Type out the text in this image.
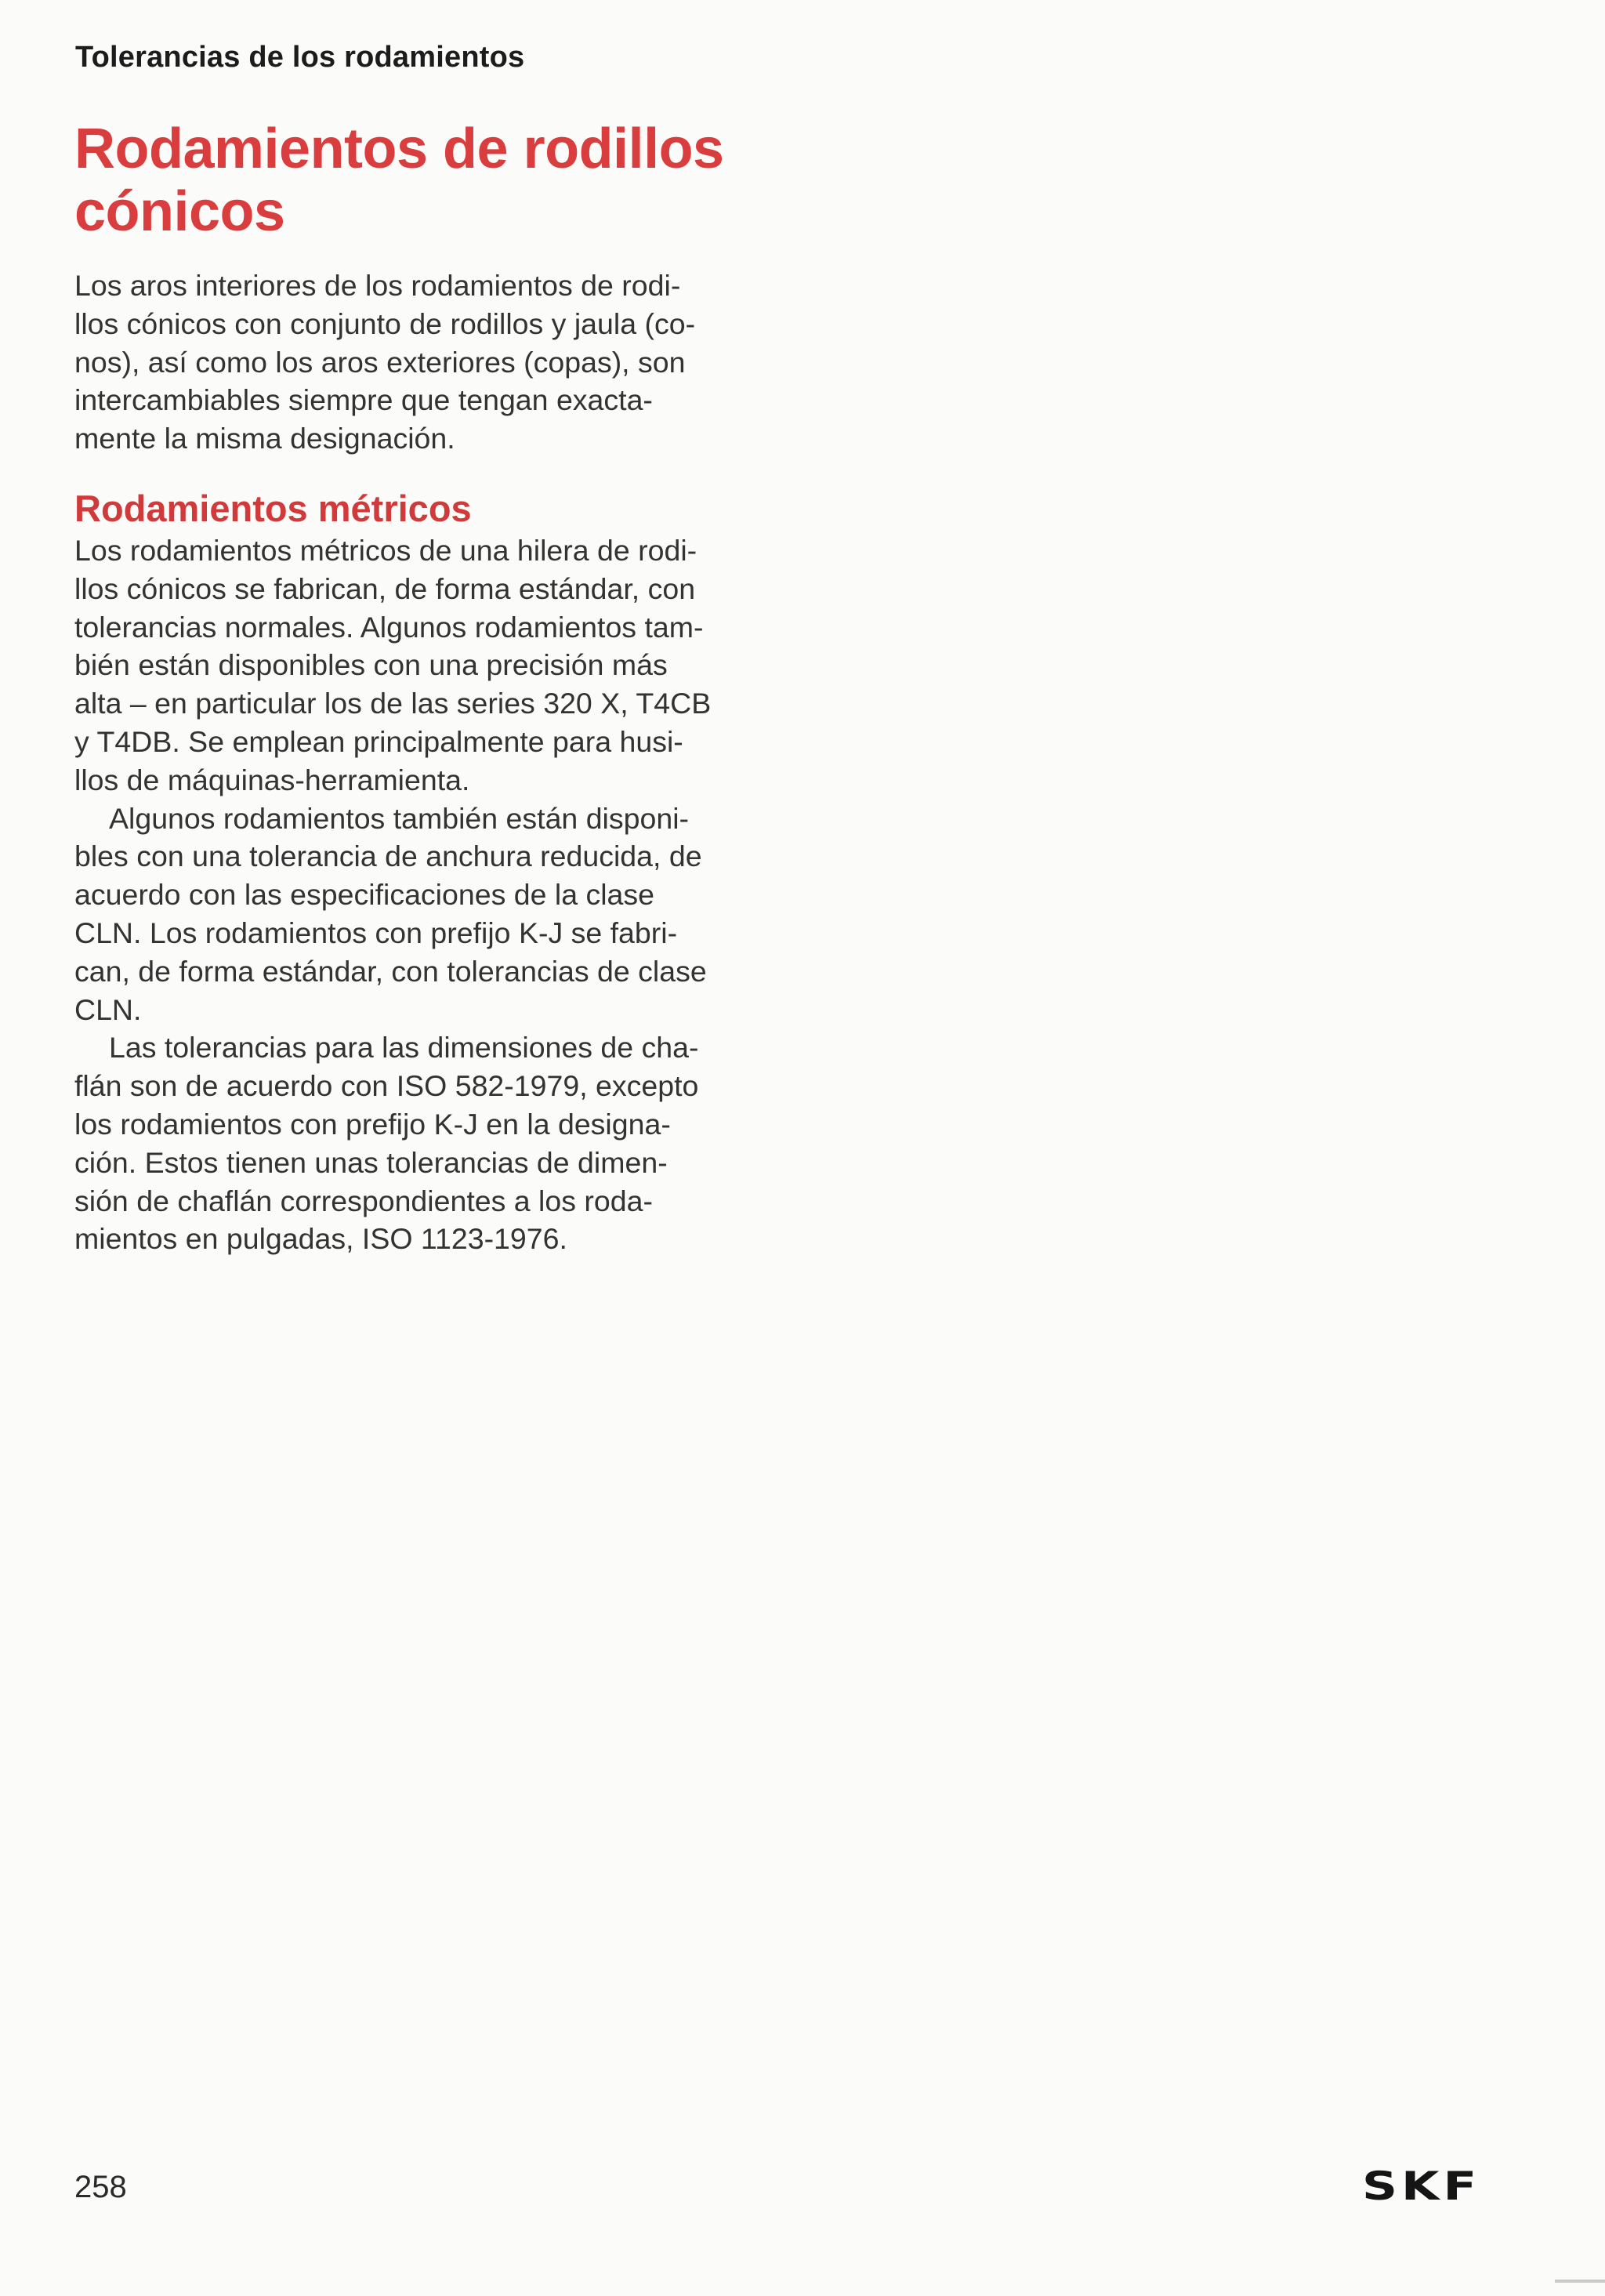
Tolerancias de los rodamientos
Rodamientos de rodillos
cónicos

Los aros interiores de los rodamientos de rodi-
llos cónicos con conjunto de rodillos y jaula (co-
nos), así como los aros exteriores (copas), son
intercambiables siempre que tengan exacta-
mente la misma designación.

Rodamientos métricos

Los rodamientos métricos de una hilera de rodi-
llos cónicos se fabrican, de forma estándar, con
tolerancias normales. Algunos rodamientos tam-
bién están disponibles con una precisión más
alta – en particular los de las series 320 X, T4CB
y T4DB. Se emplean principalmente para husi-
llos de máquinas-herramienta.

Algunos rodamientos también están disponi-
bles con una tolerancia de anchura reducida, de
acuerdo con las especificaciones de la clase
CLN. Los rodamientos con prefijo K-J se fabri-
can, de forma estándar, con tolerancias de clase
CLN.

Las tolerancias para las dimensiones de cha-
flán son de acuerdo con ISO 582-1979, excepto
los rodamientos con prefijo K-J en la designa-
ción. Estos tienen unas tolerancias de dimen-
sión de chaflán correspondientes a los roda-
mientos en pulgadas, ISO 1123-1976.

258	SKF
